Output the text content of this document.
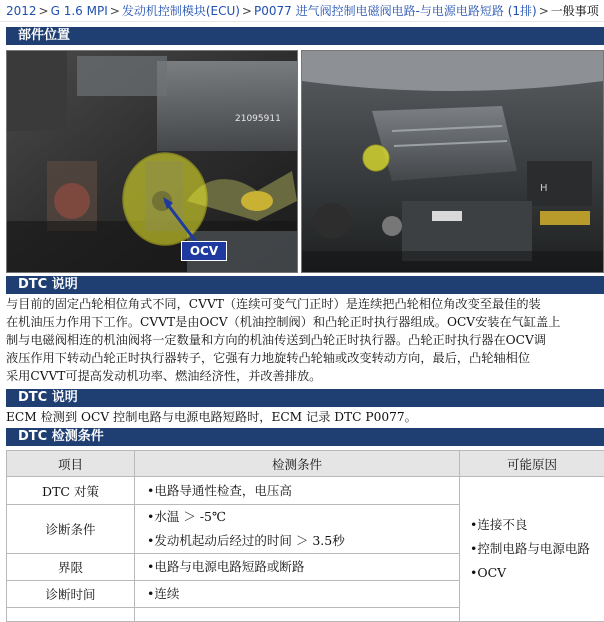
2012 > G 1.6 MPI > 发动机控制模块(ECU) > P0077 进气阀控制电磁阀电路-与电源电路短路 (1排) > 一般事项
部件位置
21095911
OCV
H
DTC 说明
与目前的固定凸轮相位角式不同，CVVT（连续可变气门正时）是连续把凸轮相位角改变至最佳的装
在机油压力作用下工作。CVVT是由OCV（机油控制阀）和凸轮正时执行器组成。OCV安装在气缸盖上
制与电磁阀相连的机油阀将一定数量和方向的机油传送到凸轮正时执行器。凸轮正时执行器在OCV调
液压作用下转动凸轮正时执行器转子，它强有力地旋转凸轮轴或改变转动方向，最后，凸轮轴相位
采用CVVT可提高发动机功率、燃油经济性，并改善排放。
DTC 说明
ECM 检测到 OCV 控制电路与电源电路短路时，ECM 记录 DTC P0077。
DTC 检测条件
项目	检测条件	可能原因
DTC 对策	•电路导通性检查，电压高	•连接不良
•控制电路与电源电路
•OCV

诊断条件	•水温 ＞ -5℃
•发动机起动后经过的时间 ＞ 3.5秒	

界限	•电路与电源电路短路或断路	

诊断时间	•连续	
